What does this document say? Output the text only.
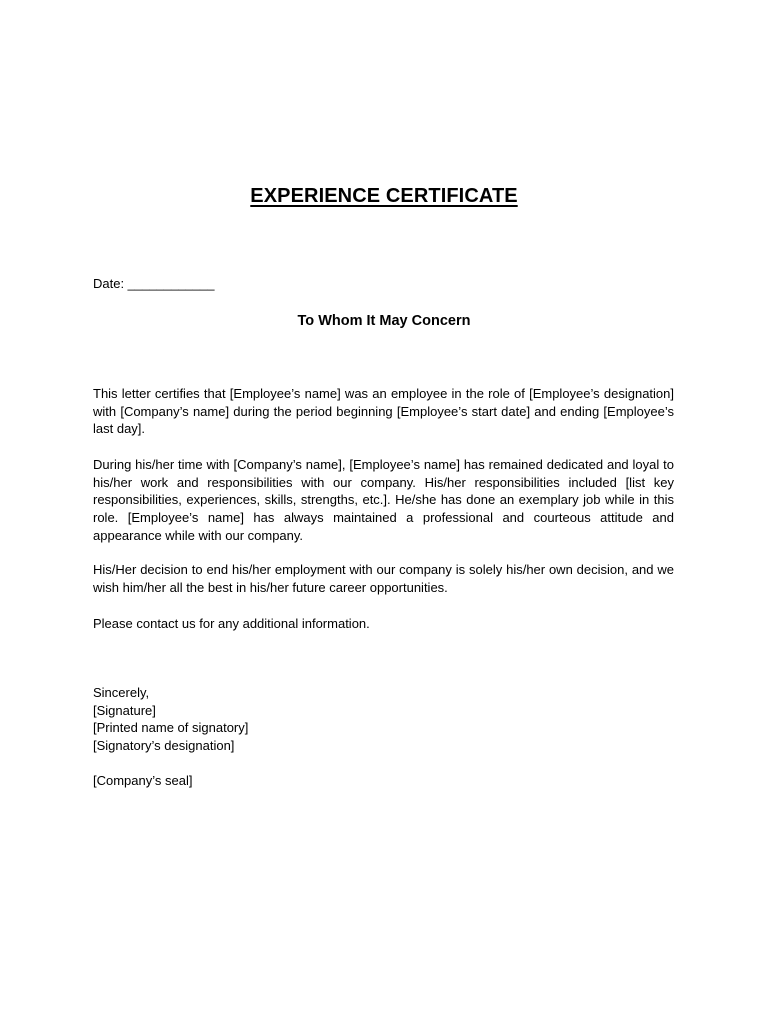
EXPERIENCE CERTIFICATE
Date: ____________
To Whom It May Concern

This letter certifies that [Employee’s name] was an employee in the role of [Employee’s designation] with [Company’s name] during the period beginning [Employee’s start date] and ending [Employee’s last day].

During his/her time with [Company’s name], [Employee’s name] has remained dedicated and loyal to his/her work and responsibilities with our company. His/her responsibilities included [list key responsibilities, experiences, skills, strengths, etc.]. He/she has done an exemplary job while in this role. [Employee’s name] has always maintained a professional and courteous attitude and appearance while with our company.

His/Her decision to end his/her employment with our company is solely his/her own decision, and we wish him/her all the best in his/her future career opportunities.

Please contact us for any additional information.

Sincerely,
[Signature]
[Printed name of signatory]
[Signatory’s designation]
[Company’s seal]
